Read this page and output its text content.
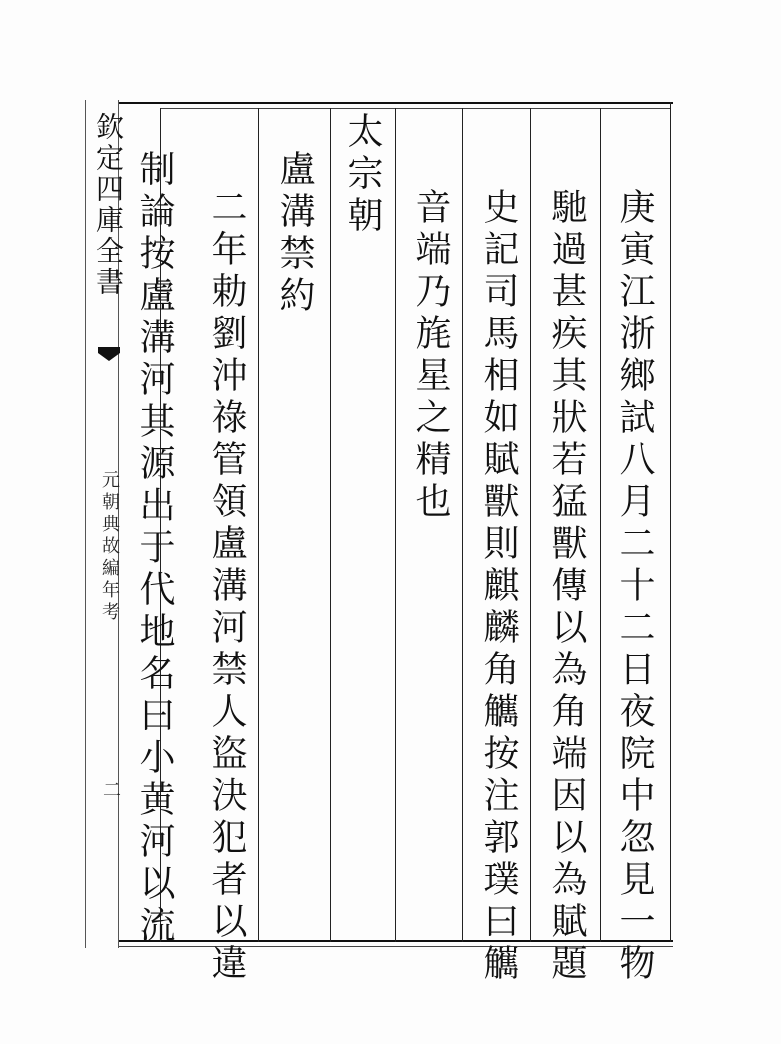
欽定四庫全書
元朝典故編年考
二	庚寅江浙鄉試八月二十二日夜院中忽見一物
馳過甚疾其狀若猛獸傳以為角端因以為賦題
史記司馬相如賦獸則麒麟角觽按注郭璞曰觽
音端乃旄星之精也
太宗朝
盧溝禁約
二年勅劉沖祿管領盧溝河禁人盜決犯者以違
制論按盧溝河其源出于代地名曰小黄河以流
